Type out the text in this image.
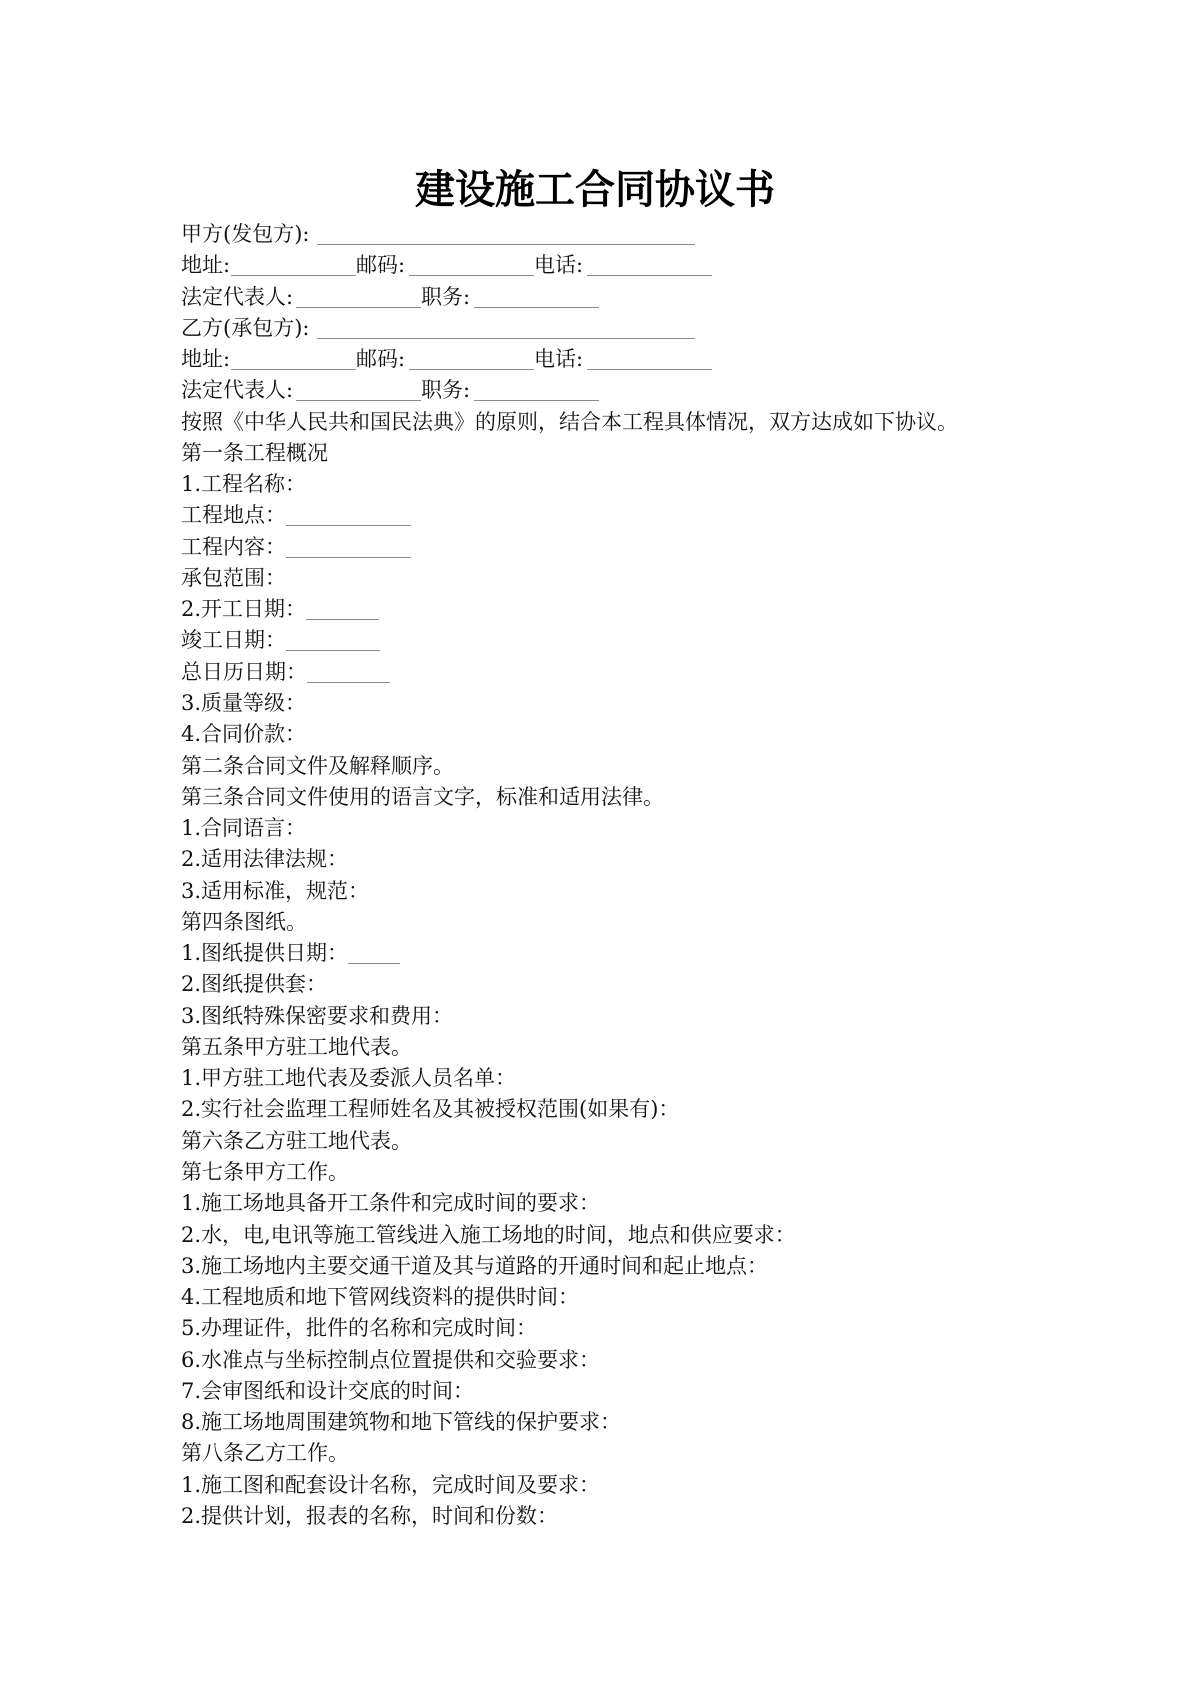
建设施工合同协议书
甲方(发包方):
地址:	邮码:	电话:
法定代表人:	职务:
乙方(承包方):
地址:	邮码:	电话:
法定代表人:	职务:
按照《中华人民共和国民法典》的原则，结合本工程具体情况，双方达成如下协议。
第一条工程概况
1.工程名称：
工程地点：
工程内容：
承包范围：
2.开工日期：
竣工日期：
总日历日期：
3.质量等级：
4.合同价款：
第二条合同文件及解释顺序。
第三条合同文件使用的语言文字，标准和适用法律。
1.合同语言：
2.适用法律法规：
3.适用标准，规范：
第四条图纸。
1.图纸提供日期：
2.图纸提供套：
3.图纸特殊保密要求和费用：
第五条甲方驻工地代表。
1.甲方驻工地代表及委派人员名单：
2.实行社会监理工程师姓名及其被授权范围(如果有)：
第六条乙方驻工地代表。
第七条甲方工作。
1.施工场地具备开工条件和完成时间的要求：
2.水，电,电讯等施工管线进入施工场地的时间，地点和供应要求：
3.施工场地内主要交通干道及其与道路的开通时间和起止地点：
4.工程地质和地下管网线资料的提供时间：
5.办理证件，批件的名称和完成时间：
6.水准点与坐标控制点位置提供和交验要求：
7.会审图纸和设计交底的时间：
8.施工场地周围建筑物和地下管线的保护要求：
第八条乙方工作。
1.施工图和配套设计名称，完成时间及要求：
2.提供计划，报表的名称，时间和份数：
